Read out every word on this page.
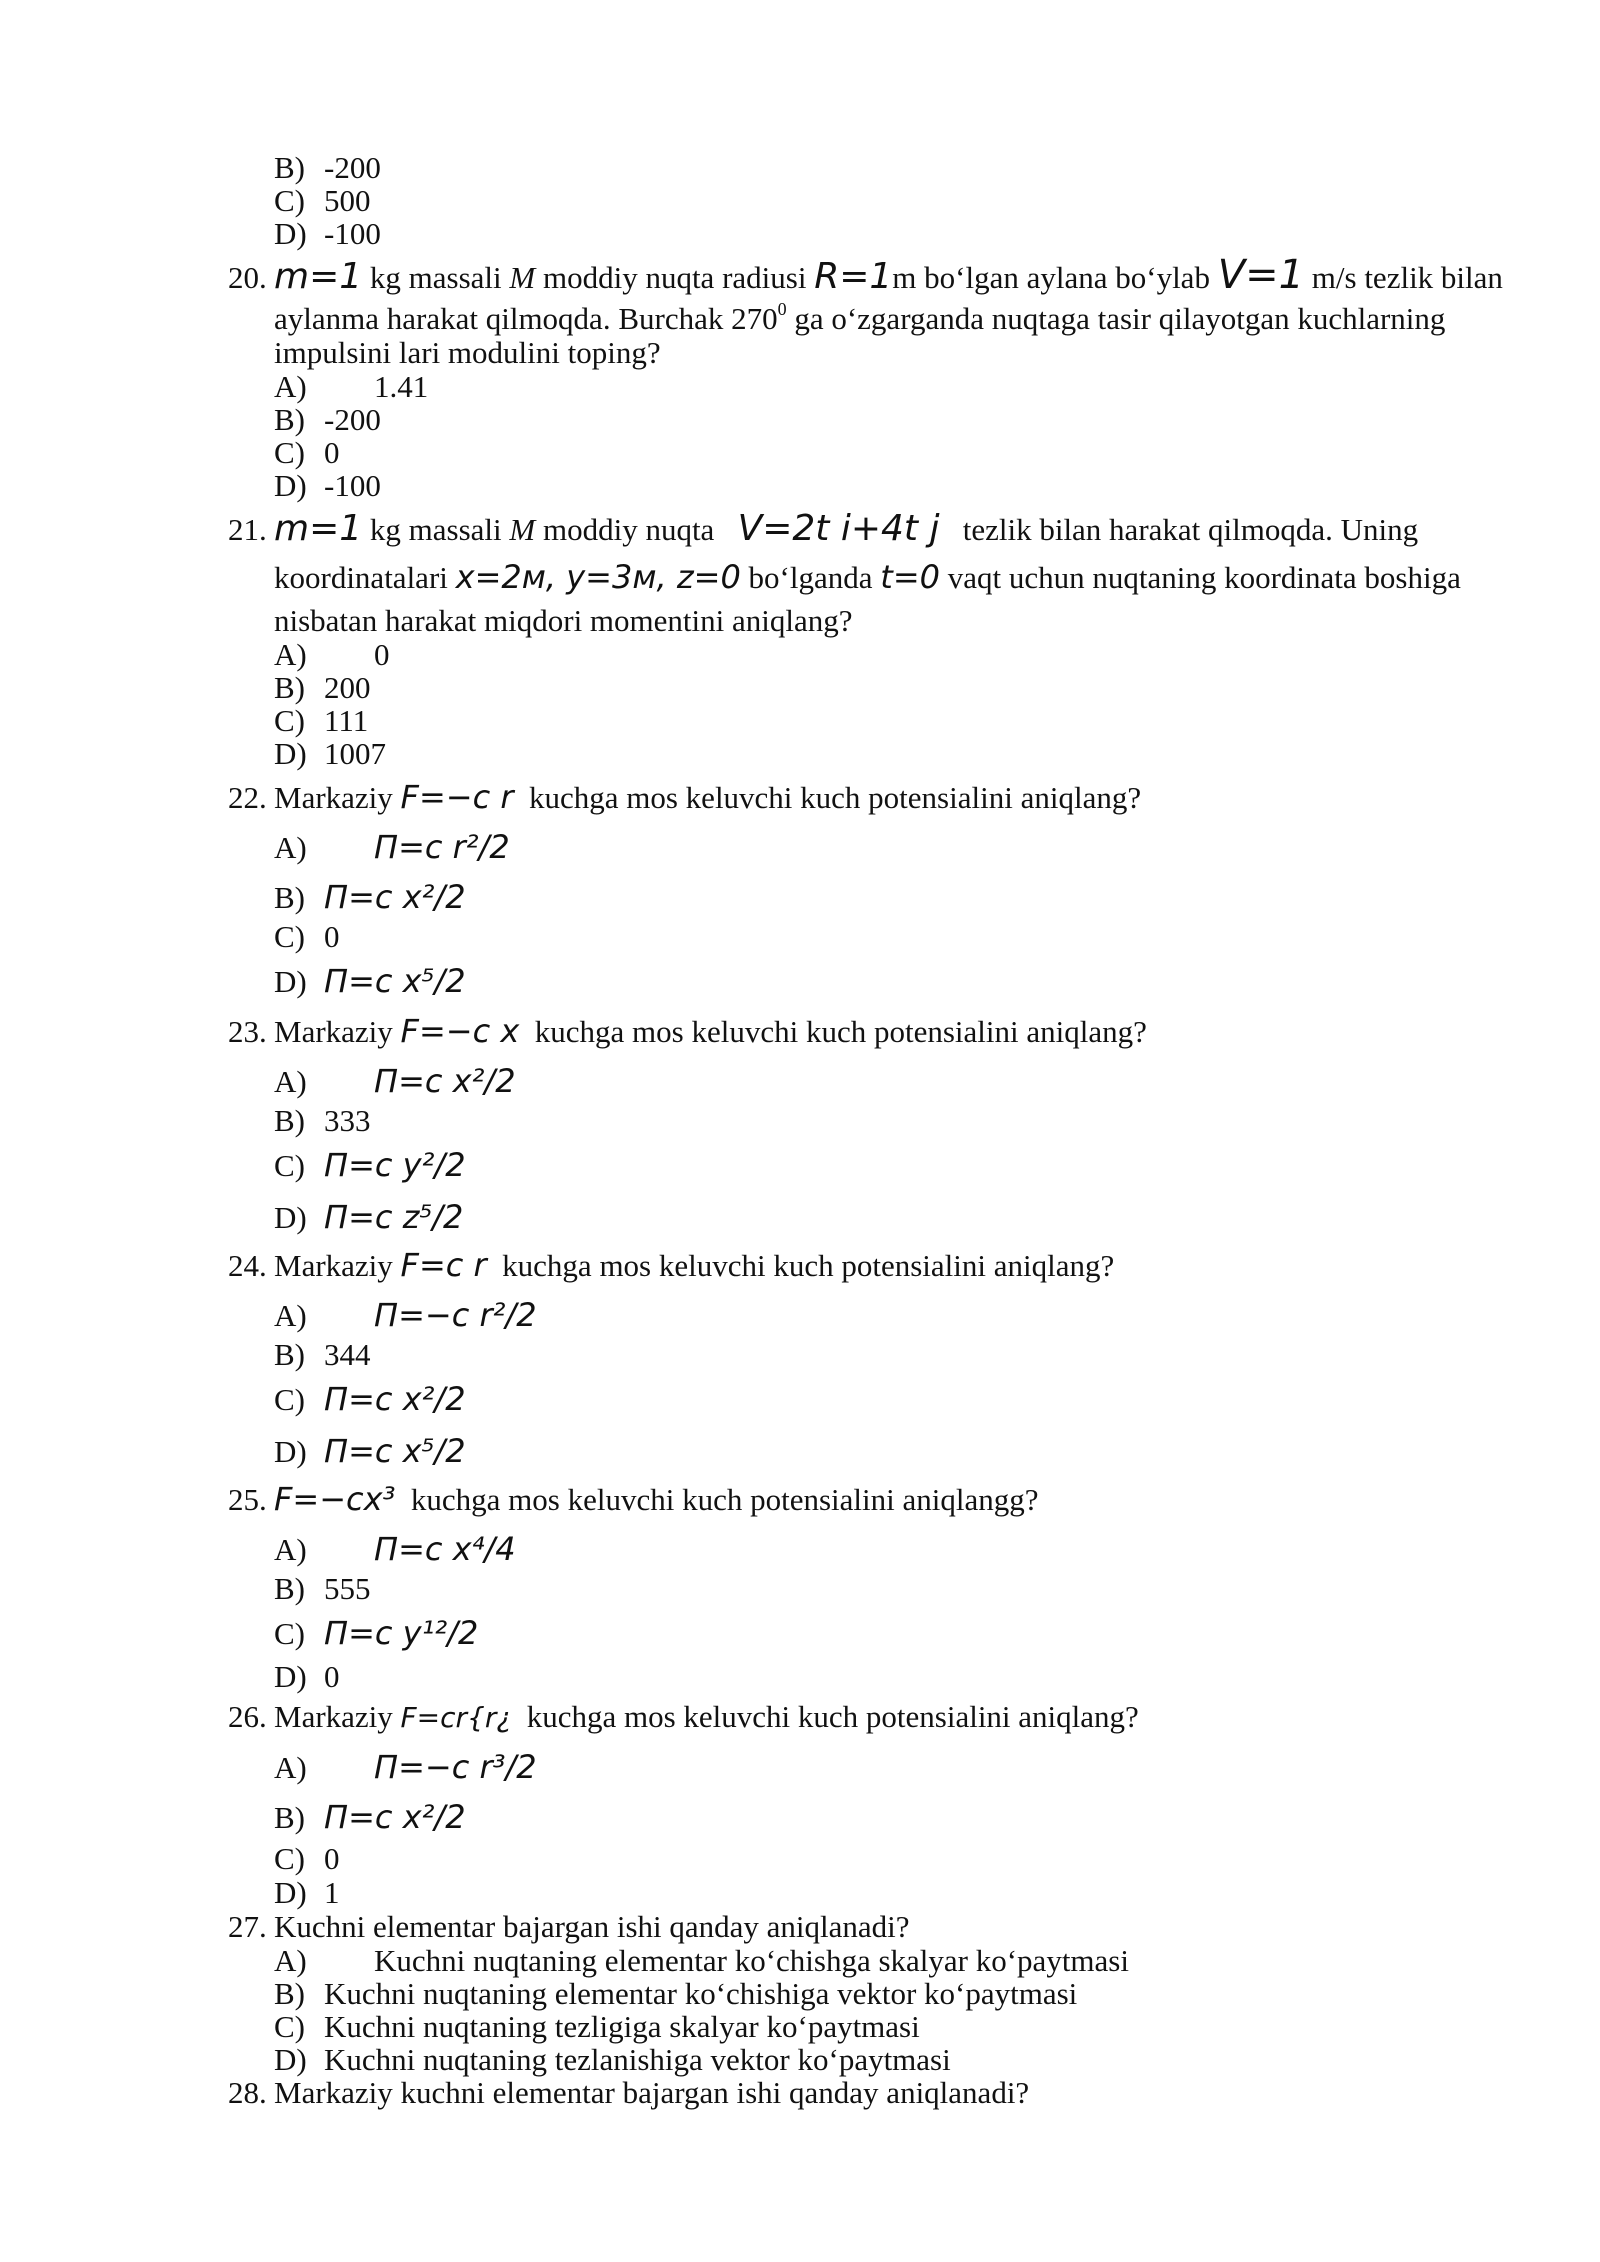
B) -200
C) 500
D) -100
20. m=1 kg massali M moddiy nuqta radiusi R=1m bo‘lgan aylana bo‘ylab V=1 m/s tezlik bilan
aylanma harakat qilmoqda. Burchak $270^0$ ga o‘zgarganda nuqtaga tasir qilayotgan kuchlarning
impulsini lari modulini toping?
A) 1.41
B) -200
C) 0
D) -100
21. m=1 kg massali M moddiy nuqta V=2t i+4t j tezlik bilan harakat qilmoqda. Uning
koordinatalari x=2м, y=3м, z=0 bo‘lganda t=0 vaqt uchun nuqtaning koordinata boshiga
nisbatan harakat miqdori momentini aniqlang?
A) 0
B) 200
C) 111
D) 1007
22. Markaziy F=−c r kuchga mos keluvchi kuch potensialini aniqlang?
A) Π=c r²/2
B) Π=c x²/2
C) 0
D) Π=c x⁵/2
23. Markaziy F=−c x kuchga mos keluvchi kuch potensialini aniqlang?
A) Π=c x²/2
B) 333
C) Π=c y²/2
D) Π=c z⁵/2
24. Markaziy F=c r kuchga mos keluvchi kuch potensialini aniqlang?
A) Π=−c r²/2
B) 344
C) Π=c x²/2
D) Π=c x⁵/2
25. F=−cx³ kuchga mos keluvchi kuch potensialini aniqlangg?
A) Π=c x⁴/4
B) 555
C) Π=c y¹²/2
D) 0
26. Markaziy F=cr{r¿ kuchga mos keluvchi kuch potensialini aniqlang?
A) Π=−c r³/2
B) Π=c x²/2
C) 0
D) 1
27. Kuchni elementar bajargan ishi qanday aniqlanadi?
A) Kuchni nuqtaning elementar ko‘chishga skalyar ko‘paytmasi
B) Kuchni nuqtaning elementar ko‘chishiga vektor ko‘paytmasi
C) Kuchni nuqtaning tezligiga skalyar ko‘paytmasi
D) Kuchni nuqtaning tezlanishiga vektor ko‘paytmasi
28. Markaziy kuchni elementar bajargan ishi qanday aniqlanadi?
